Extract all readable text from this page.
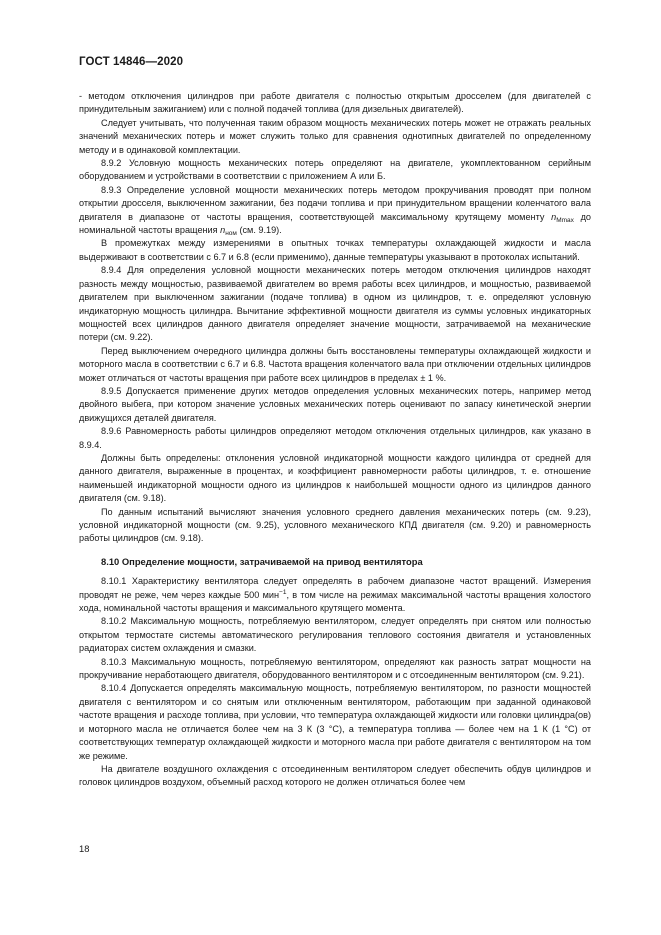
ГОСТ 14846—2020

- методом отключения цилиндров при работе двигателя с полностью открытым дросселем (для двигателей с принудительным зажиганием) или с полной подачей топлива (для дизельных двигателей).

Следует учитывать, что полученная таким образом мощность механических потерь может не отражать реальных значений механических потерь и может служить только для сравнения однотипных двигателей по определенному методу и в одинаковой комплектации.

8.9.2 Условную мощность механических потерь определяют на двигателе, укомплектованном серийным оборудованием и устройствами в соответствии с приложением А или Б.

8.9.3 Определение условной мощности механических потерь методом прокручивания проводят при полном открытии дросселя, выключенном зажигании, без подачи топлива и при принудительном вращении коленчатого вала двигателя в диапазоне от частоты вращения, соответствующей максимальному крутящему моменту $n_{Mmax}$ до номинальной частоты вращения $n_{ном}$ (см. 9.19).

В промежутках между измерениями в опытных точках температуры охлаждающей жидкости и масла выдерживают в соответствии с 6.7 и 6.8 (если применимо), данные температуры указывают в протоколах испытаний.

8.9.4 Для определения условной мощности механических потерь методом отключения цилиндров находят разность между мощностью, развиваемой двигателем во время работы всех цилиндров, и мощностью, развиваемой двигателем при выключенном зажигании (подаче топлива) в одном из цилиндров, т. е. определяют условную индикаторную мощность цилиндра. Вычитание эффективной мощности двигателя из суммы условных индикаторных мощностей всех цилиндров данного двигателя определяет значение мощности, затрачиваемой на механические потери (см. 9.22).

Перед выключением очередного цилиндра должны быть восстановлены температуры охлаждающей жидкости и моторного масла в соответствии с 6.7 и 6.8. Частота вращения коленчатого вала при отключении отдельных цилиндров может отличаться от частоты вращения при работе всех цилиндров в пределах ± 1 %.

8.9.5 Допускается применение других методов определения условных механических потерь, например метод двойного выбега, при котором значение условных механических потерь оценивают по запасу кинетической энергии движущихся деталей двигателя.

8.9.6 Равномерность работы цилиндров определяют методом отключения отдельных цилиндров, как указано в 8.9.4.

Должны быть определены: отклонения условной индикаторной мощности каждого цилиндра от средней для данного двигателя, выраженные в процентах, и коэффициент равномерности работы цилиндров, т. е. отношение наименьшей индикаторной мощности одного из цилиндров к наибольшей мощности одного из цилиндров данного двигателя (см. 9.18).

По данным испытаний вычисляют значения условного среднего давления механических потерь (см. 9.23), условной индикаторной мощности (см. 9.25), условного механического КПД двигателя (см. 9.20) и равномерность работы цилиндров (см. 9.18).

8.10 Определение мощности, затрачиваемой на привод вентилятора

8.10.1 Характеристику вентилятора следует определять в рабочем диапазоне частот вращений. Измерения проводят не реже, чем через каждые 500 мин$^{-1}$, в том числе на режимах максимальной частоты вращения холостого хода, номинальной частоты вращения и максимального крутящего момента.

8.10.2 Максимальную мощность, потребляемую вентилятором, следует определять при снятом или полностью открытом термостате системы автоматического регулирования теплового состояния двигателя и установленных радиаторах систем охлаждения и смазки.

8.10.3 Максимальную мощность, потребляемую вентилятором, определяют как разность затрат мощности на прокручивание неработающего двигателя, оборудованного вентилятором и с отсоединенным вентилятором (см. 9.21).

8.10.4 Допускается определять максимальную мощность, потребляемую вентилятором, по разности мощностей двигателя с вентилятором и со снятым или отключенным вентилятором, работающим при заданной одинаковой частоте вращения и расходе топлива, при условии, что температура охлаждающей жидкости или головки цилиндра(ов) и моторного масла не отличается более чем на 3 К (3 °C), а температура топлива — более чем на 1 К (1 °C) от соответствующих температур охлаждающей жидкости и моторного масла при работе двигателя с вентилятором на том же режиме.

На двигателе воздушного охлаждения с отсоединенным вентилятором следует обеспечить обдув цилиндров и головок цилиндров воздухом, объемный расход которого не должен отличаться более чем

18
